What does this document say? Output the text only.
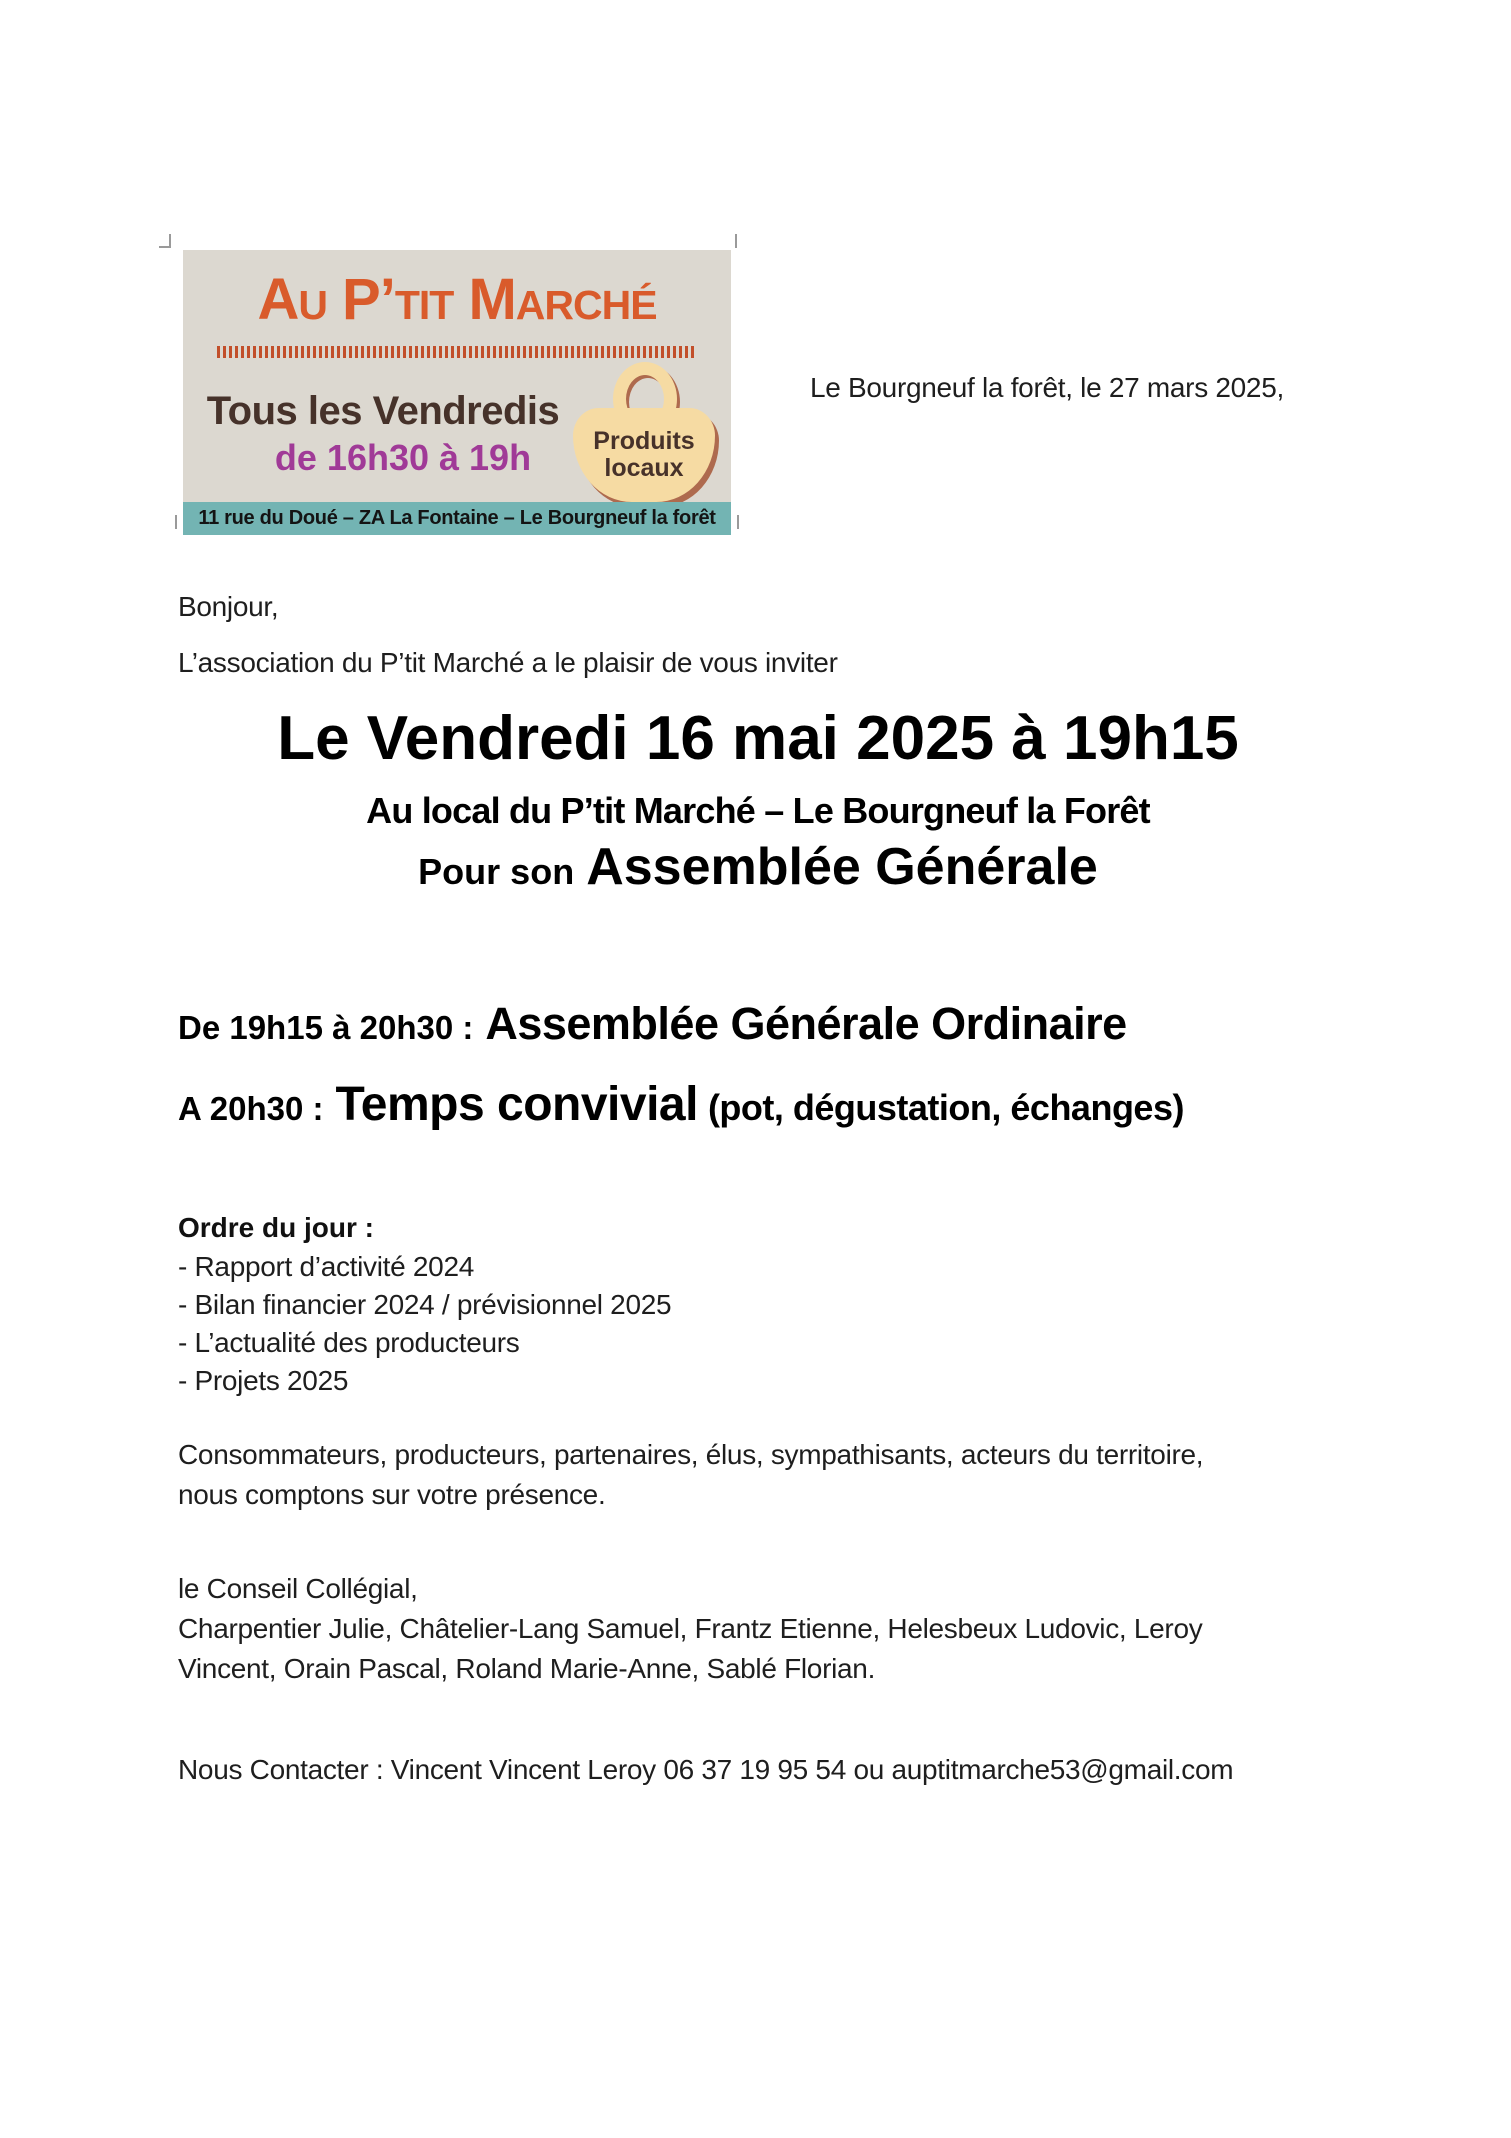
Au P’tit Marché
Tous les Vendredis
de 16h30 à 19h	Produits locaux
11 rue du Doué – ZA La Fontaine – Le Bourgneuf la forêt
Le Bourgneuf la forêt, le 27 mars 2025,
Bonjour,
L’association du P’tit Marché a le plaisir de vous inviter
Le Vendredi 16 mai 2025 à 19h15
Au local du P’tit Marché – Le Bourgneuf la Forêt
Pour son Assemblée Générale
De 19h15 à 20h30 : Assemblée Générale Ordinaire
A 20h30 : Temps convivial (pot, dégustation, échanges)
Ordre du jour :
- Rapport d’activité 2024
- Bilan financier 2024 / prévisionnel 2025
- L’actualité des producteurs
- Projets 2025
Consommateurs, producteurs, partenaires, élus, sympathisants, acteurs du territoire,
nous comptons sur votre présence.
le Conseil Collégial,
Charpentier Julie, Châtelier-Lang Samuel, Frantz Etienne, Helesbeux Ludovic, Leroy
Vincent, Orain Pascal, Roland Marie-Anne, Sablé Florian.
Nous Contacter : Vincent Vincent Leroy 06 37 19 95 54 ou auptitmarche53@gmail.com
